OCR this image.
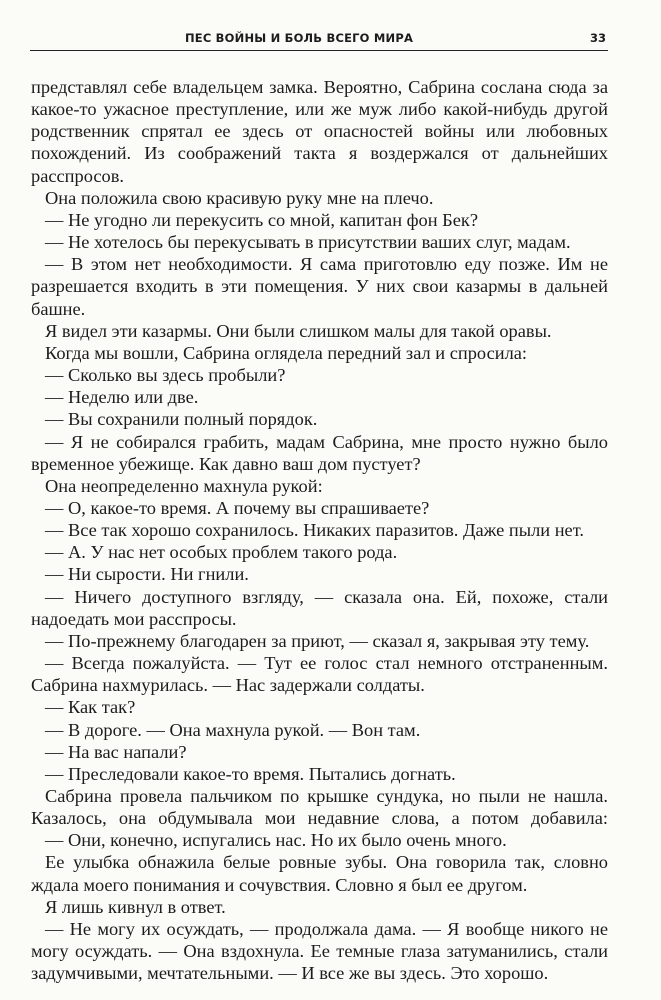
ПЕС ВОЙНЫ И БОЛЬ ВСЕГО МИРА	33

представлял себе владельцем замка. Вероятно, Сабрина сослана сюда за какое-то ужасное преступление, или же муж либо какой-нибудь другой родственник спрятал ее здесь от опасностей войны или любовных похождений. Из соображений такта я воздержался от дальнейших расспросов.

Она положила свою красивую руку мне на плечо.

— Не угодно ли перекусить со мной, капитан фон Бек?

— Не хотелось бы перекусывать в присутствии ваших слуг, мадам.

— В этом нет необходимости. Я сама приготовлю еду позже. Им не разрешается входить в эти помещения. У них свои казармы в дальней башне.

Я видел эти казармы. Они были слишком малы для такой оравы.

Когда мы вошли, Сабрина оглядела передний зал и спросила:

— Сколько вы здесь пробыли?

— Неделю или две.

— Вы сохранили полный порядок.

— Я не собирался грабить, мадам Сабрина, мне просто нужно было временное убежище. Как давно ваш дом пустует?

Она неопределенно махнула рукой:

— О, какое-то время. А почему вы спрашиваете?

— Все так хорошо сохранилось. Никаких паразитов. Даже пыли нет.

— А. У нас нет особых проблем такого рода.

— Ни сырости. Ни гнили.

— Ничего доступного взгляду, — сказала она. Ей, похоже, стали надоедать мои расспросы.

— По-прежнему благодарен за приют, — сказал я, закрывая эту тему.

— Всегда пожалуйста. — Тут ее голос стал немного отстраненным. Сабрина нахмурилась. — Нас задержали солдаты.

— Как так?

— В дороге. — Она махнула рукой. — Вон там.

— На вас напали?

— Преследовали какое-то время. Пытались догнать.

Сабрина провела пальчиком по крышке сундука, но пыли не нашла. Казалось, она обдумывала мои недавние слова, а потом добавила:

— Они, конечно, испугались нас. Но их было очень много.

Ее улыбка обнажила белые ровные зубы. Она говорила так, словно ждала моего понимания и сочувствия. Словно я был ее другом.

Я лишь кивнул в ответ.

— Не могу их осуждать, — продолжала дама. — Я вообще никого не могу осуждать. — Она вздохнула. Ее темные глаза затуманились, стали задумчивыми, мечтательными. — И все же вы здесь. Это хорошо.
